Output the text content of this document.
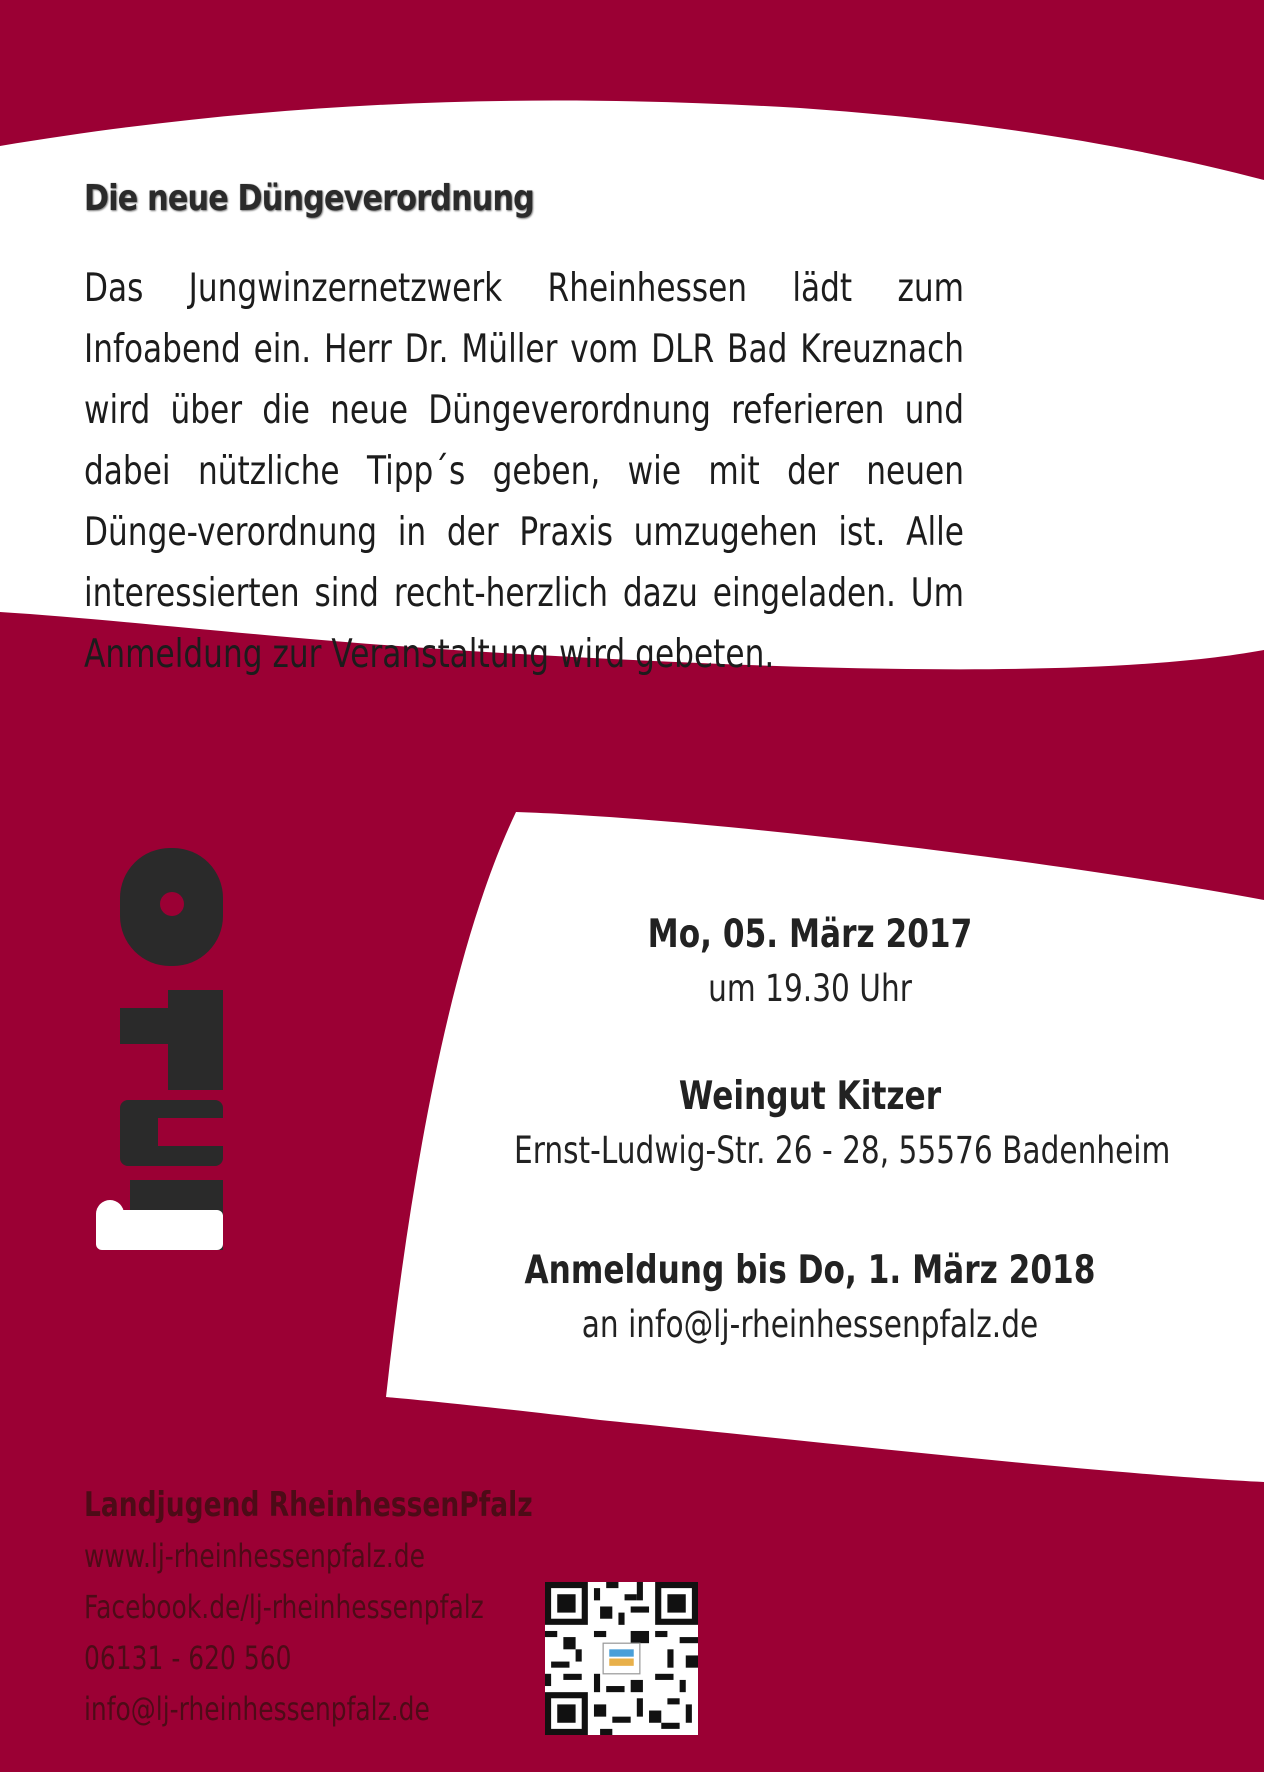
Die neue Düngeverordnung

Das Jungwinzernetzwerk Rheinhessen lädt zum Infoabend ein. Herr Dr. Müller vom DLR Bad Kreuznach wird über die neue Düngeverordnung referieren und dabei nützliche Tipp´s geben, wie mit der neuen Dünge-verordnung in der Praxis umzugehen ist. Alle interessierten sind recht-herzlich dazu eingeladen. Um Anmeldung zur Veranstaltung wird gebeten.

Mo, 05. März 2017
um 19.30 Uhr
Weingut Kitzer
Ernst-Ludwig-Str. 26 - 28, 55576 Badenheim
Anmeldung bis Do, 1. März 2018
an info@lj-rheinhessenpfalz.de
Landjugend RheinhessenPfalz
www.lj-rheinhessenpfalz.de
Facebook.de/lj-rheinhessenpfalz
06131 - 620 560
info@lj-rheinhessenpfalz.de
